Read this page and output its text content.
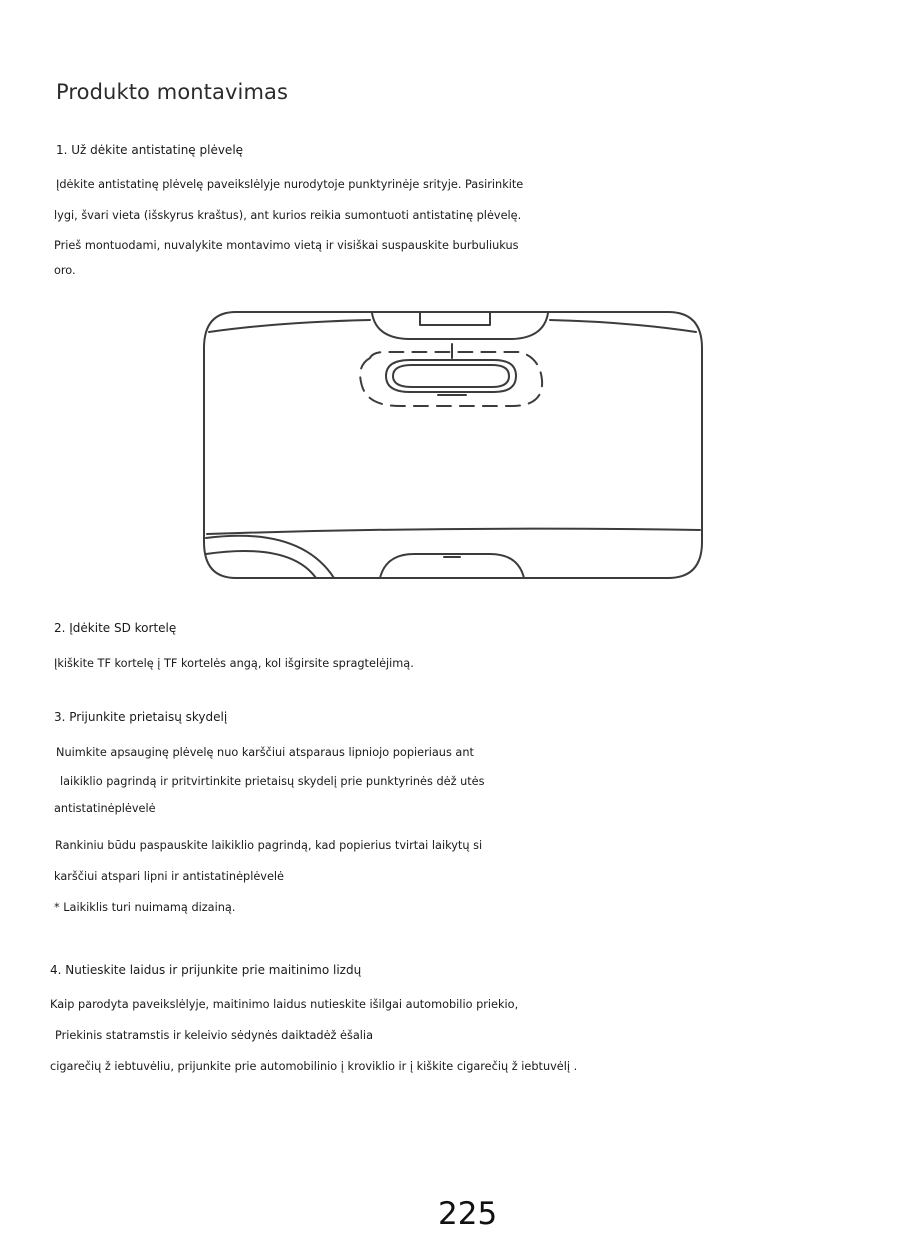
Produkto montavimas
1. Už dėkite antistatinę plėvelę
Įdėkite antistatinę plėvelę paveikslėlyje nurodytoje punktyrinėje srityje. Pasirinkite
lygi, švari vieta (išskyrus kraštus), ant kurios reikia sumontuoti antistatinę plėvelę.
Prieš montuodami, nuvalykite montavimo vietą ir visiškai suspauskite burbuliukus
oro.
2. Įdėkite SD kortelę
Įkiškite TF kortelę į TF kortelės angą, kol išgirsite spragtelėjimą.
3. Prijunkite prietaisų skydelį
Nuimkite apsauginę plėvelę nuo karščiui atsparaus lipniojo popieriaus ant
laikiklio pagrindą ir pritvirtinkite prietaisų skydelį prie punktyrinės dėž utės
antistatinėplėvelė
Rankiniu būdu paspauskite laikiklio pagrindą, kad popierius tvirtai laikytų si
karščiui atspari lipni ir antistatinėplėvelė
* Laikiklis turi nuimamą dizainą.
4. Nutieskite laidus ir prijunkite prie maitinimo lizdų
Kaip parodyta paveikslėlyje, maitinimo laidus nutieskite išilgai automobilio priekio,
Priekinis statramstis ir keleivio sėdynės daiktadėž ėšalia
cigarečių ž iebtuvėliu, prijunkite prie automobilinio į kroviklio ir į kiškite cigarečių ž iebtuvėlį .
225
